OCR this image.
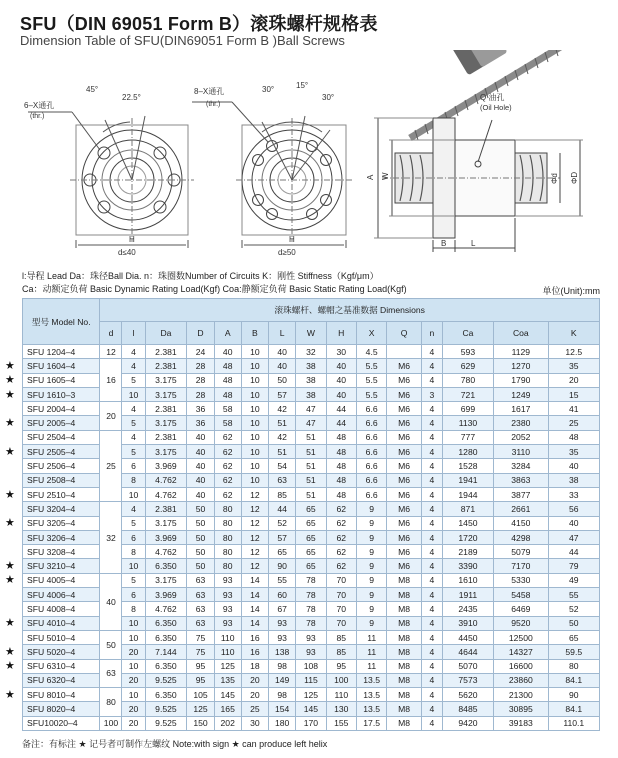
SFU（DIN 69051 Form B）滚珠螺杆规格表
Dimension Table of SFU(DIN69051 Form B )Ball Screws
6–X通孔
(thr.)
45°
22.5°
H
d≤40
8–X通孔
(thr.)
30°	15°
30°
H
d≥50
Q 油孔
(Oil Hole)
A W
B	L
Φd ΦD
l:导程 Lead Da：珠径Ball Dia. n：珠圈数Number of Circuits K：刚性 Stiffness（Kgf/μm）
Ca：动额定负荷 Basic Dynamic Rating Load(Kgf) Coa:静额定负荷 Basic Static Rating Load(Kgf)	单位(Unit):mm
★
★
★
★
★
★
★
★
★
★
★
★
★
型号 Model No.	滚珠螺杆、螺帽之基准数据 Dimensions														
	d	l	Da	D	A	B	L	W	H	X	Q	n	Ca	Coa	K
SFU 1204–4	12	4	2.381	24	40	10	40	32	30	4.5		4	593	1129	12.5
SFU 1604–4	16	4	2.381	28	48	10	40	38	40	5.5	M6	4	629	1270	35
SFU 1605–4		5	3.175	28	48	10	50	38	40	5.5	M6	4	780	1790	20
SFU 1610–3		10	3.175	28	48	10	57	38	40	5.5	M6	3	721	1249	15
SFU 2004–4	20	4	2.381	36	58	10	42	47	44	6.6	M6	4	699	1617	41
SFU 2005–4		5	3.175	36	58	10	51	47	44	6.6	M6	4	1130	2380	25
SFU 2504–4	25	4	2.381	40	62	10	42	51	48	6.6	M6	4	777	2052	48
SFU 2505–4		5	3.175	40	62	10	51	51	48	6.6	M6	4	1280	3110	35
SFU 2506–4		6	3.969	40	62	10	54	51	48	6.6	M6	4	1528	3284	40
SFU 2508–4		8	4.762	40	62	10	63	51	48	6.6	M6	4	1941	3863	38
SFU 2510–4		10	4.762	40	62	12	85	51	48	6.6	M6	4	1944	3877	33
SFU 3204–4	32	4	2.381	50	80	12	44	65	62	9	M6	4	871	2661	56
SFU 3205–4		5	3.175	50	80	12	52	65	62	9	M6	4	1450	4150	40
SFU 3206–4		6	3.969	50	80	12	57	65	62	9	M6	4	1720	4298	47
SFU 3208–4		8	4.762	50	80	12	65	65	62	9	M6	4	2189	5079	44
SFU 3210–4		10	6.350	50	80	12	90	65	62	9	M6	4	3390	7170	79
SFU 4005–4	40	5	3.175	63	93	14	55	78	70	9	M8	4	1610	5330	49
SFU 4006–4		6	3.969	63	93	14	60	78	70	9	M8	4	1911	5458	55
SFU 4008–4		8	4.762	63	93	14	67	78	70	9	M8	4	2435	6469	52
SFU 4010–4		10	6.350	63	93	14	93	78	70	9	M8	4	3910	9520	50
SFU 5010–4	50	10	6.350	75	110	16	93	93	85	11	M8	4	4450	12500	65
SFU 5020–4		20	7.144	75	110	16	138	93	85	11	M8	4	4644	14327	59.5
SFU 6310–4	63	10	6.350	95	125	18	98	108	95	11	M8	4	5070	16600	80
SFU 6320–4		20	9.525	95	135	20	149	115	100	13.5	M8	4	7573	23860	84.1
SFU 8010–4	80	10	6.350	105	145	20	98	125	110	13.5	M8	4	5620	21300	90
SFU 8020–4		20	9.525	125	165	25	154	145	130	13.5	M8	4	8485	30895	84.1
SFU10020–4	100	20	9.525	150	202	30	180	170	155	17.5	M8	4	9420	39183	110.1
备注：有标注 ★ 记号者可制作左螺纹 Note:with sign ★ can produce left helix
